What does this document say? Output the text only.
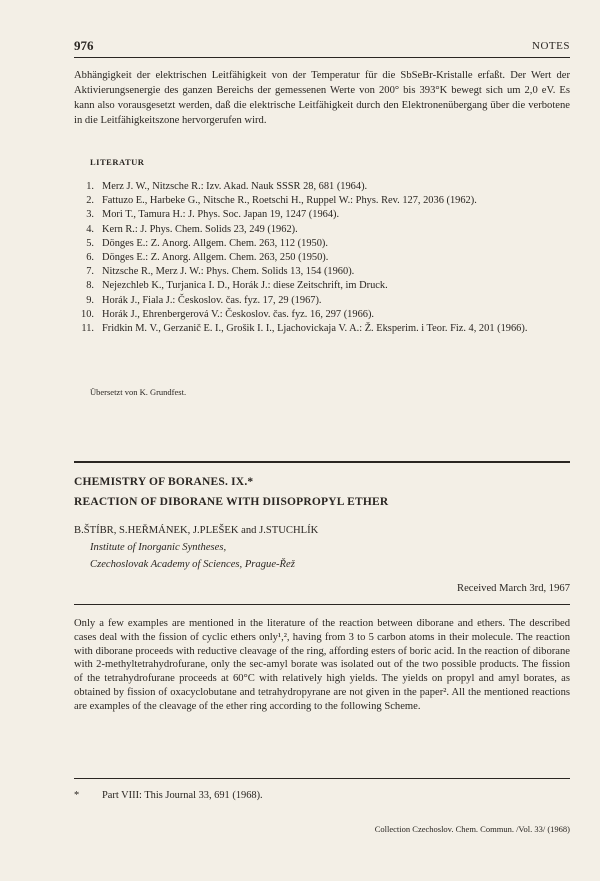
976	NOTES

Abhängigkeit der elektrischen Leitfähigkeit von der Temperatur für die SbSeBr-Kristalle erfaßt. Der Wert der Aktivierungsenergie des ganzen Bereichs der gemessenen Werte von 200° bis 393°K bewegt sich um 2,0 eV. Es kann also vorausgesetzt werden, daß die elektrische Leitfähigkeit durch den Elektronenübergang über die verbotene in die Leitfähigkeitszone hervorgerufen wird.

LITERATUR
1. Merz J. W., Nitzsche R.: Izv. Akad. Nauk SSSR 28, 681 (1964).
2. Fattuzo E., Harbeke G., Nitsche R., Roetschi H., Ruppel W.: Phys. Rev. 127, 2036 (1962).
3. Mori T., Tamura H.: J. Phys. Soc. Japan 19, 1247 (1964).
4. Kern R.: J. Phys. Chem. Solids 23, 249 (1962).
5. Dönges E.: Z. Anorg. Allgem. Chem. 263, 112 (1950).
6. Dönges E.: Z. Anorg. Allgem. Chem. 263, 250 (1950).
7. Nitzsche R., Merz J. W.: Phys. Chem. Solids 13, 154 (1960).
8. Nejezchleb K., Turjanica I. D., Horák J.: diese Zeitschrift, im Druck.
9. Horák J., Fiala J.: Českoslov. čas. fyz. 17, 29 (1967).
10. Horák J., Ehrenbergerová V.: Českoslov. čas. fyz. 16, 297 (1966).
11. Fridkin M. V., Gerzanič E. I., Grošik I. I., Ljachovickaja V. A.: Ž. Eksperim. i Teor. Fiz. 4, 201 (1966).
Übersetzt von K. Grundfest.
CHEMISTRY OF BORANES. IX.*
REACTION OF DIBORANE WITH DIISOPROPYL ETHER
B.ŠTÍBR, S.HEŘMÁNEK, J.PLEŠEK and J.STUCHLÍK
Institute of Inorganic Syntheses,
Czechoslovak Academy of Sciences, Prague-Řež
Received March 3rd, 1967

Only a few examples are mentioned in the literature of the reaction between diborane and ethers. The described cases deal with the fission of cyclic ethers only¹,², having from 3 to 5 carbon atoms in their molecule. The reaction with diborane proceeds with reductive cleavage of the ring, affording esters of boric acid. In the reaction of diborane with 2-methyltetrahydrofurane, only the sec-amyl borate was isolated out of the two possible products. The fission of the tetrahydrofurane proceeds at 60°C with relatively high yields. The yields on propyl and amyl borates, as obtained by fission of oxacyclobutane and tetrahydropyrane are not given in the paper². All the mentioned reactions are examples of the cleavage of the ether ring according to the following Scheme.

* Part VIII: This Journal 33, 691 (1968).
Collection Czechoslov. Chem. Commun. /Vol. 33/ (1968)
